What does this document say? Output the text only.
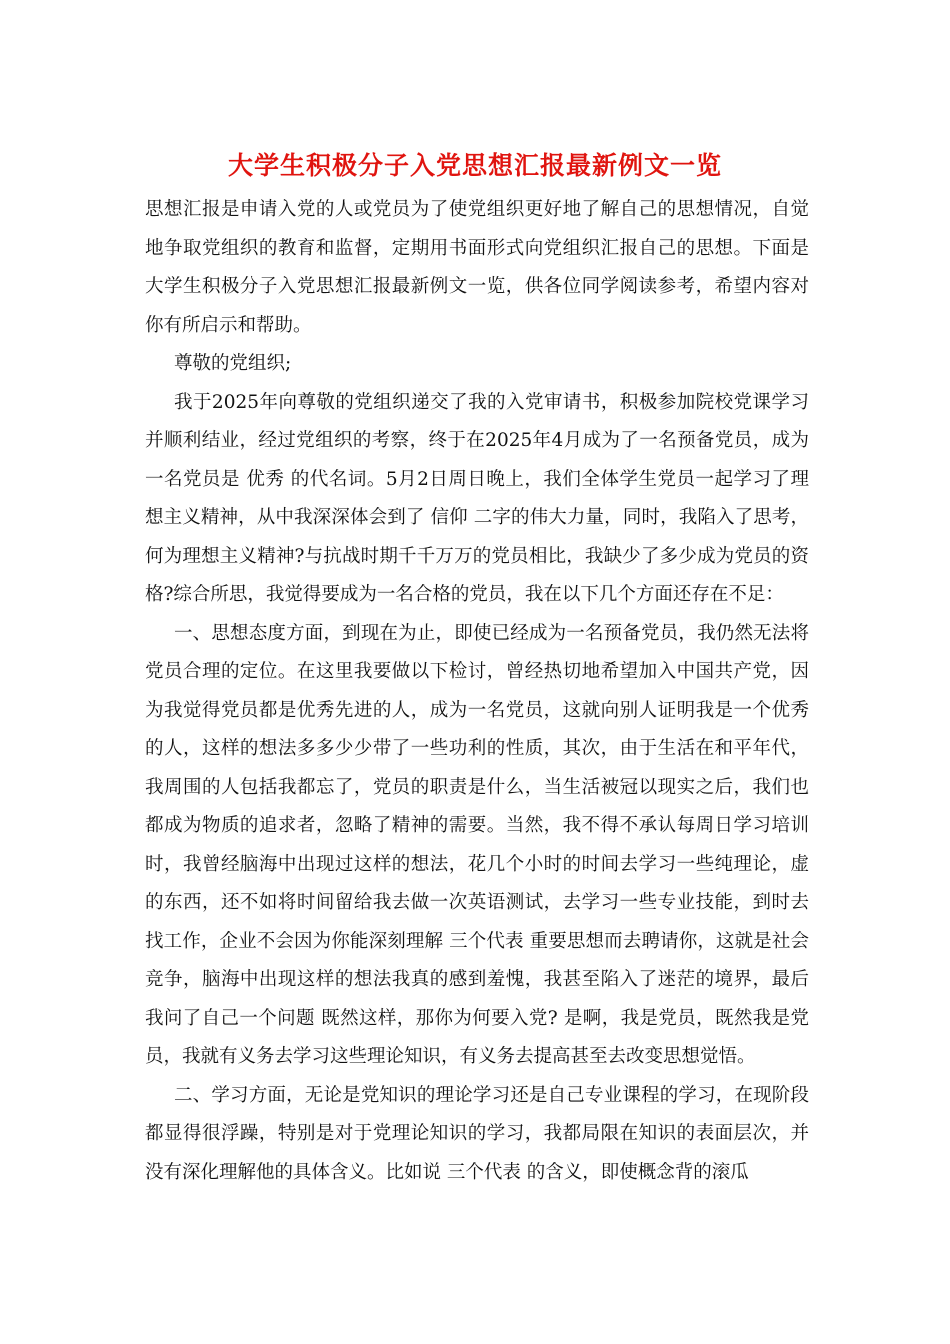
大学生积极分子入党思想汇报最新例文一览

思想汇报是申请入党的人或党员为了使党组织更好地了解自己的思想情况，自觉地争取党组织的教育和监督，定期用书面形式向党组织汇报自己的思想。下面是大学生积极分子入党思想汇报最新例文一览，供各位同学阅读参考，希望内容对你有所启示和帮助。

尊敬的党组织;

我于2025年向尊敬的党组织递交了我的入党审请书，积极参加院校党课学习并顺利结业，经过党组织的考察，终于在2025年4月成为了一名预备党员，成为一名党员是 优秀 的代名词。5月2日周日晚上，我们全体学生党员一起学习了理想主义精神，从中我深深体会到了 信仰 二字的伟大力量，同时，我陷入了思考，何为理想主义精神?与抗战时期千千万万的党员相比，我缺少了多少成为党员的资格?综合所思，我觉得要成为一名合格的党员，我在以下几个方面还存在不足：

一、思想态度方面，到现在为止，即使已经成为一名预备党员，我仍然无法将党员合理的定位。在这里我要做以下检讨，曾经热切地希望加入中国共产党，因为我觉得党员都是优秀先进的人，成为一名党员，这就向别人证明我是一个优秀的人，这样的想法多多少少带了一些功利的性质，其次，由于生活在和平年代，我周围的人包括我都忘了，党员的职责是什么，当生活被冠以现实之后，我们也都成为物质的追求者，忽略了精神的需要。当然，我不得不承认每周日学习培训时，我曾经脑海中出现过这样的想法，花几个小时的时间去学习一些纯理论，虚的东西，还不如将时间留给我去做一次英语测试，去学习一些专业技能，到时去找工作，企业不会因为你能深刻理解 三个代表 重要思想而去聘请你，这就是社会竞争，脑海中出现这样的想法我真的感到羞愧，我甚至陷入了迷茫的境界，最后我问了自己一个问题 既然这样，那你为何要入党? 是啊，我是党员，既然我是党员，我就有义务去学习这些理论知识，有义务去提高甚至去改变思想觉悟。

二、学习方面，无论是党知识的理论学习还是自己专业课程的学习，在现阶段都显得很浮躁，特别是对于党理论知识的学习，我都局限在知识的表面层次，并没有深化理解他的具体含义。比如说 三个代表 的含义，即使概念背的滚瓜
